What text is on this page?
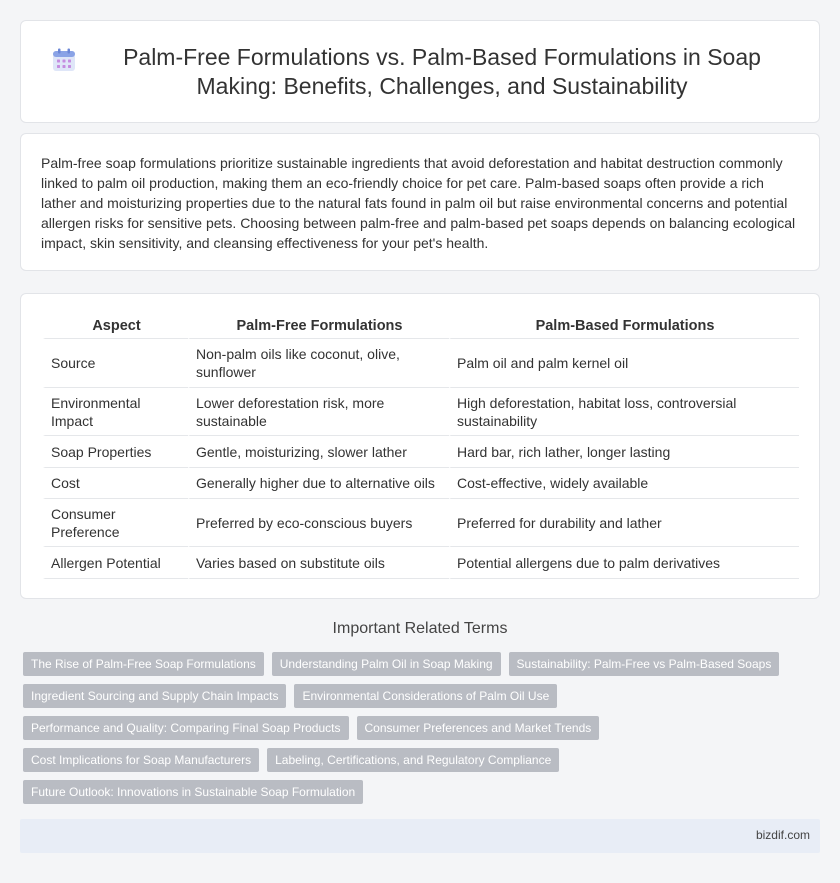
Palm-Free Formulations vs. Palm-Based Formulations in Soap Making: Benefits, Challenges, and Sustainability

Palm-free soap formulations prioritize sustainable ingredients that avoid deforestation and habitat destruction commonly linked to palm oil production, making them an eco-friendly choice for pet care. Palm-based soaps often provide a rich lather and moisturizing properties due to the natural fats found in palm oil but raise environmental concerns and potential allergen risks for sensitive pets. Choosing between palm-free and palm-based pet soaps depends on balancing ecological impact, skin sensitivity, and cleansing effectiveness for your pet's health.

Aspect	Palm-Free Formulations	Palm-Based Formulations
Source	Non-palm oils like coconut, olive, sunflower	Palm oil and palm kernel oil
Environmental Impact	Lower deforestation risk, more sustainable	High deforestation, habitat loss, controversial sustainability
Soap Properties	Gentle, moisturizing, slower lather	Hard bar, rich lather, longer lasting
Cost	Generally higher due to alternative oils	Cost-effective, widely available
Consumer Preference	Preferred by eco-conscious buyers	Preferred for durability and lather
Allergen Potential	Varies based on substitute oils	Potential allergens due to palm derivatives
Important Related Terms
The Rise of Palm-Free Soap Formulations	Understanding Palm Oil in Soap Making	Sustainability: Palm-Free vs Palm-Based Soaps
Ingredient Sourcing and Supply Chain Impacts	Environmental Considerations of Palm Oil Use
Performance and Quality: Comparing Final Soap Products	Consumer Preferences and Market Trends
Cost Implications for Soap Manufacturers	Labeling, Certifications, and Regulatory Compliance
Future Outlook: Innovations in Sustainable Soap Formulation
bizdif.com
